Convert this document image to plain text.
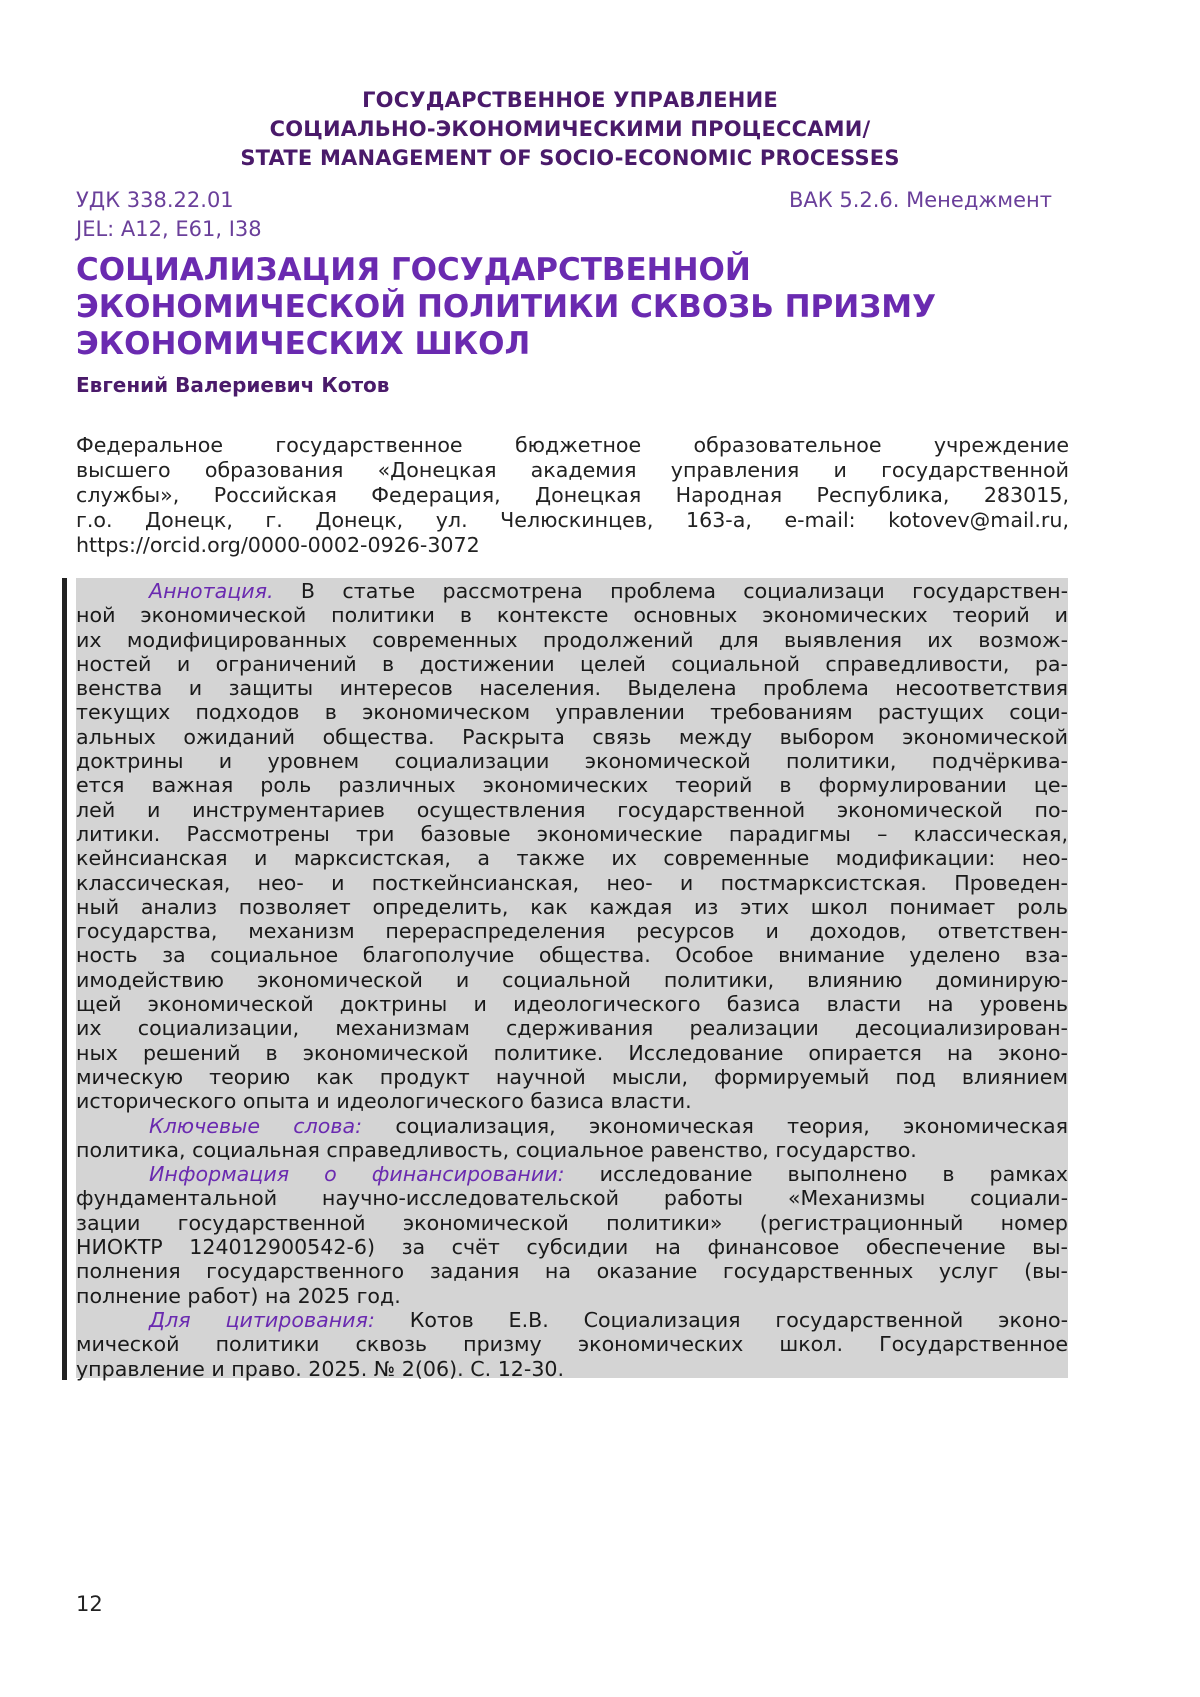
ГОСУДАРСТВЕННОЕ УПРАВЛЕНИЕ
СОЦИАЛЬНО-ЭКОНОМИЧЕСКИМИ ПРОЦЕССАМИ/
STATE MANAGEMENT OF SOCIO-ECONOMIC PROCESSES
УДК 338.22.01
JEL: A12, E61, I38
ВАК 5.2.6. Менеджмент
СОЦИАЛИЗАЦИЯ ГОСУДАРСТВЕННОЙ
ЭКОНОМИЧЕСКОЙ ПОЛИТИКИ СКВОЗЬ ПРИЗМУ
ЭКОНОМИЧЕСКИХ ШКОЛ
Евгений Валериевич Котов
Федеральное государственное бюджетное образовательное учреждение
высшего образования «Донецкая академия управления и государственной
службы», Российская Федерация, Донецкая Народная Республика, 283015,
г.о. Донецк, г. Донецк, ул. Челюскинцев, 163-а, e-mail: kotovev@mail.ru,
https://orcid.org/0000-0002-0926-3072
Аннотация. В статье рассмотрена проблема социализаци государствен-
ной экономической политики в контексте основных экономических теорий и
их модифицированных современных продолжений для выявления их возмож-
ностей и ограничений в достижении целей социальной справедливости, ра-
венства и защиты интересов населения. Выделена проблема несоответствия
текущих подходов в экономическом управлении требованиям растущих соци-
альных ожиданий общества. Раскрыта связь между выбором экономической
доктрины и уровнем социализации экономической политики, подчёркива-
ется важная роль различных экономических теорий в формулировании це-
лей и инструментариев осуществления государственной экономической по-
литики. Рассмотрены три базовые экономические парадигмы – классическая,
кейнсианская и марксистская, а также их современные модификации: нео-
классическая, нео- и посткейнсианская, нео- и постмарксистская. Проведен-
ный анализ позволяет определить, как каждая из этих школ понимает роль
государства, механизм перераспределения ресурсов и доходов, ответствен-
ность за социальное благополучие общества. Особое внимание уделено вза-
имодействию экономической и социальной политики, влиянию доминирую-
щей экономической доктрины и идеологического базиса власти на уровень
их социализации, механизмам сдерживания реализации десоциализирован-
ных решений в экономической политике. Исследование опирается на эконо-
мическую теорию как продукт научной мысли, формируемый под влиянием
исторического опыта и идеологического базиса власти.
Ключевые слова: социализация, экономическая теория, экономическая
политика, социальная справедливость, социальное равенство, государство.
Информация о финансировании: исследование выполнено в рамках
фундаментальной научно-исследовательской работы «Механизмы социали-
зации государственной экономической политики» (регистрационный номер
НИОКТР 124012900542-6) за счёт субсидии на финансовое обеспечение вы-
полнения государственного задания на оказание государственных услуг (вы-
полнение работ) на 2025 год.
Для цитирования: Котов Е.В. Социализация государственной эконо-
мической политики сквозь призму экономических школ. Государственное
управление и право. 2025. № 2(06). С. 12-30.
12
